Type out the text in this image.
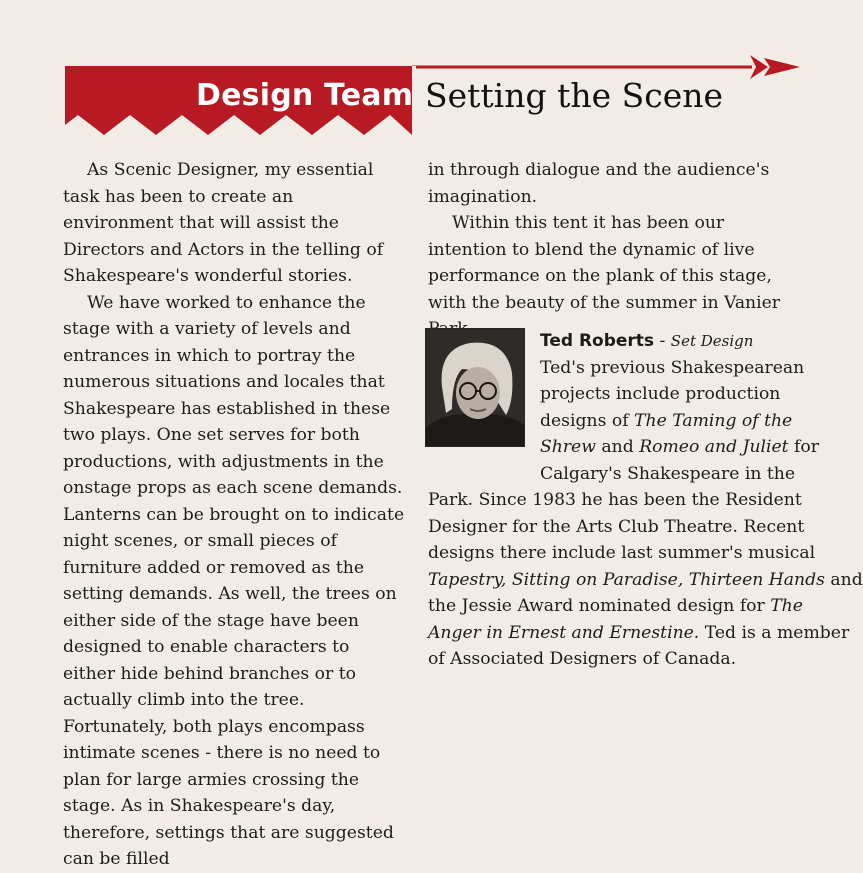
Design Team Setting the Scene

As Scenic Designer, my essential task has been to create an environment that will assist the Directors and Actors in the telling of Shakespeare's wonderful stories.

We have worked to enhance the stage with a variety of levels and entrances in which to portray the numerous situations and locales that Shakespeare has established in these two plays. One set serves for both productions, with adjustments in the onstage props as each scene demands. Lanterns can be brought on to indicate night scenes, or small pieces of furniture added or removed as the setting demands. As well, the trees on either side of the stage have been designed to enable characters to either hide behind branches or to actually climb into the tree. Fortunately, both plays encompass intimate scenes - there is no need to plan for large armies crossing the stage. As in Shakespeare's day, therefore, settings that are suggested can be filled

in through dialogue and the audience's imagination.

Within this tent it has been our intention to blend the dynamic of live performance on the plank of this stage, with the beauty of the summer in Vanier

Ted Roberts - Set Design
Ted's previous Shakespearean
projects include production
designs of The Taming of the
Shrew and Romeo and Juliet for
Calgary's Shakespeare in the
Park. Since 1983 he has been the Resident
Designer for the Arts Club Theatre. Recent
designs there include last summer's musical
Tapestry, Sitting on Paradise, Thirteen Hands and
the Jessie Award nominated design for The
Anger in Ernest and Ernestine. Ted is a member
of Associated Designers of Canada.
